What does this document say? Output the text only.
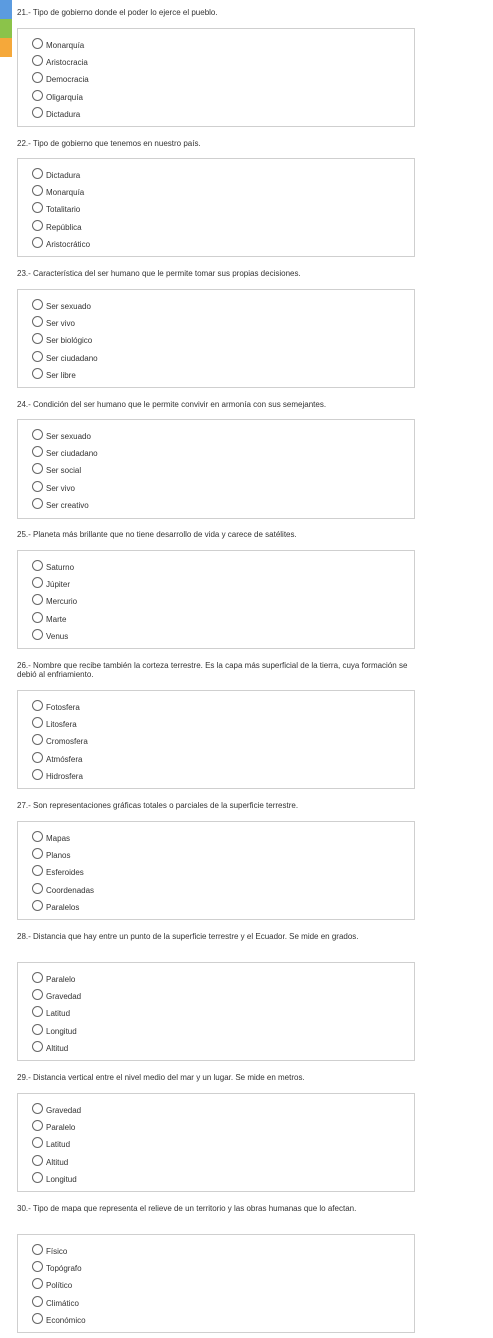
21.- Tipo de gobierno donde el poder lo ejerce el pueblo.
Monarquía
Aristocracia
Democracia
Oligarquía
Dictadura
22.- Tipo de gobierno que tenemos en nuestro país.
Dictadura
Monarquía
Totalitario
República
Aristocrático
23.- Característica del ser humano que le permite tomar sus propias decisiones.
Ser sexuado
Ser vivo
Ser biológico
Ser ciudadano
Ser libre
24.- Condición del ser humano que le permite convivir en armonía con sus semejantes.
Ser sexuado
Ser ciudadano
Ser social
Ser vivo
Ser creativo
25.- Planeta más brillante que no tiene desarrollo de vida y carece de satélites.
Saturno
Júpiter
Mercurio
Marte
Venus
26.- Nombre que recibe también la corteza terrestre. Es la capa más superficial de la tierra, cuya formación se debió al enfriamiento.
Fotosfera
Litosfera
Cromosfera
Atmósfera
Hidrosfera
27.- Son representaciones gráficas totales o parciales de la superficie terrestre.
Mapas
Planos
Esferoides
Coordenadas
Paralelos
28.- Distancia que hay entre un punto de la superficie terrestre y el Ecuador. Se mide en grados.
Paralelo
Gravedad
Latitud
Longitud
Altitud
29.- Distancia vertical entre el nivel medio del mar y un lugar. Se mide en metros.
Gravedad
Paralelo
Latitud
Altitud
Longitud
30.- Tipo de mapa que representa el relieve de un territorio y las obras humanas que lo afectan.
Físico
Topógrafo
Político
Climático
Económico
